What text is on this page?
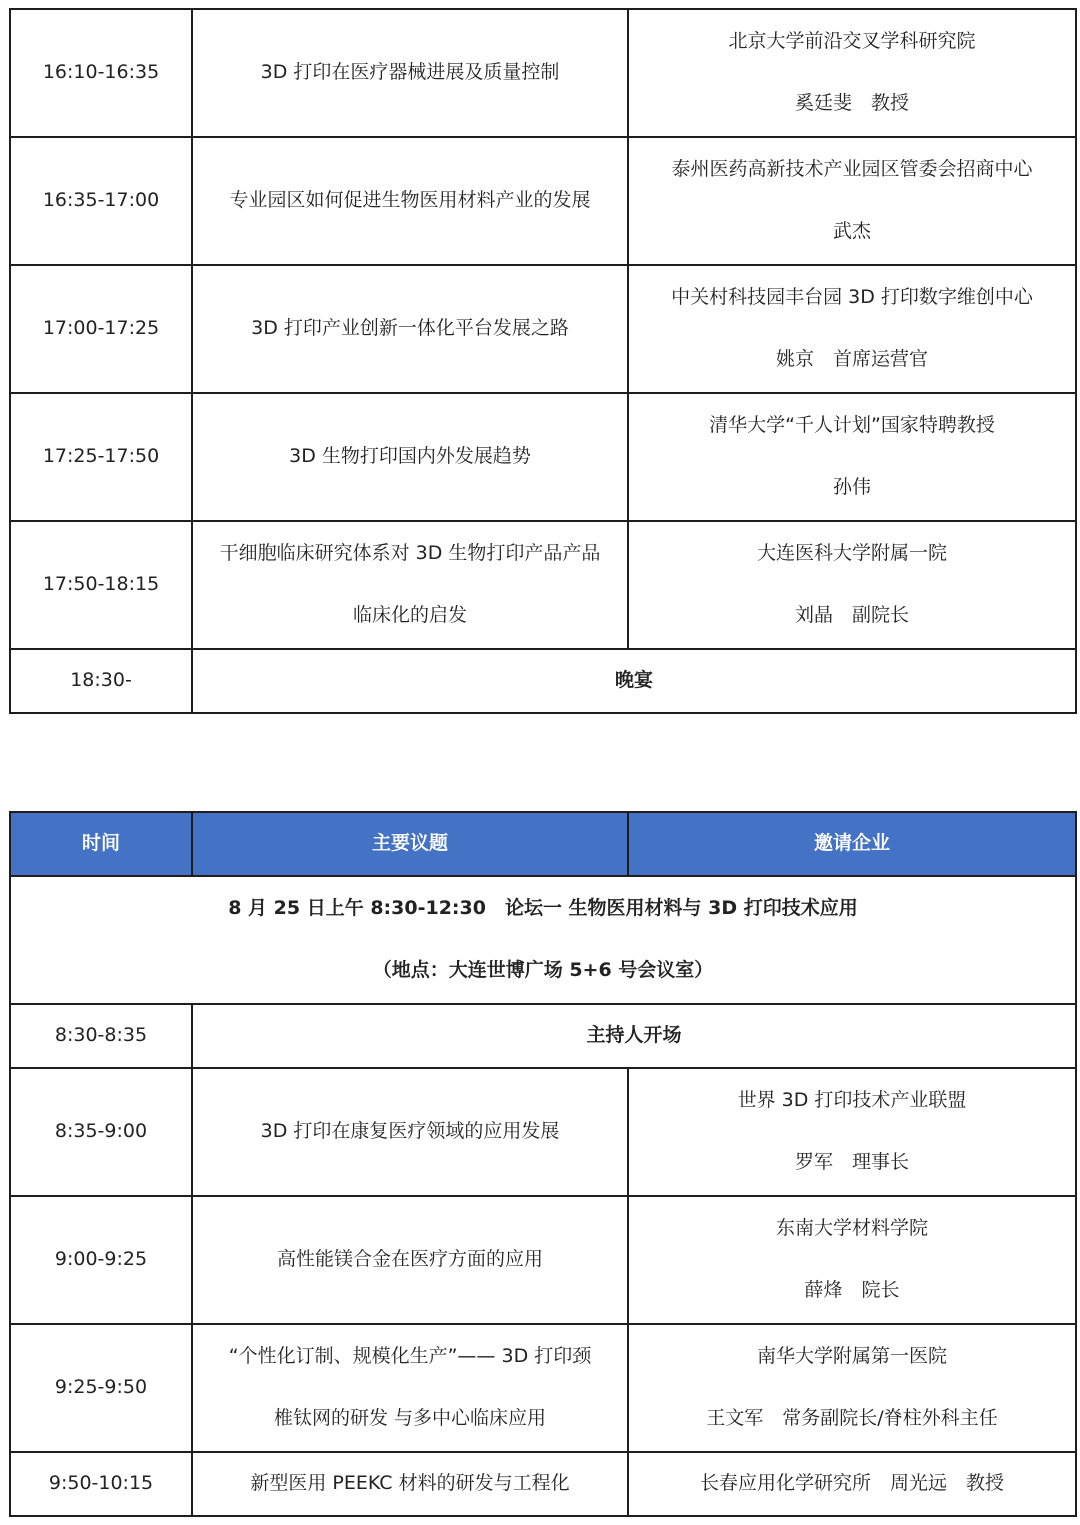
16:10-16:35	3D 打印在医疗器械进展及质量控制	北京大学前沿交叉学科研究院
奚廷斐　教授

16:35-17:00	专业园区如何促进生物医用材料产业的发展	泰州医药高新技术产业园区管委会招商中心
武杰

17:00-17:25	3D 打印产业创新一体化平台发展之路	中关村科技园丰台园 3D 打印数字维创中心
姚京　首席运营官

17:25-17:50	3D 生物打印国内外发展趋势	清华大学“千人计划”国家特聘教授
孙伟

17:50-18:15	干细胞临床研究体系对 3D 生物打印产品产品
临床化的启发	大连医科大学附属一院
刘晶　副院长

18:30-	晚宴	
时间	主要议题	邀请企业

8 月 25 日上午 8:30-12:30　论坛一 生物医用材料与 3D 打印技术应用
（地点：大连世博广场 5+6 号会议室）		

8:30-8:35	主持人开场	
8:35-9:00	3D 打印在康复医疗领域的应用发展	世界 3D 打印技术产业联盟
罗军　理事长

9:00-9:25	高性能镁合金在医疗方面的应用	东南大学材料学院
薛烽　院长

9:25-9:50	“个性化订制、规模化生产”—— 3D 打印颈
椎钛网的研发 与多中心临床应用	南华大学附属第一医院
王文军　常务副院长/脊柱外科主任

9:50-10:15	新型医用 PEEKC 材料的研发与工程化	长春应用化学研究所　周光远　教授
